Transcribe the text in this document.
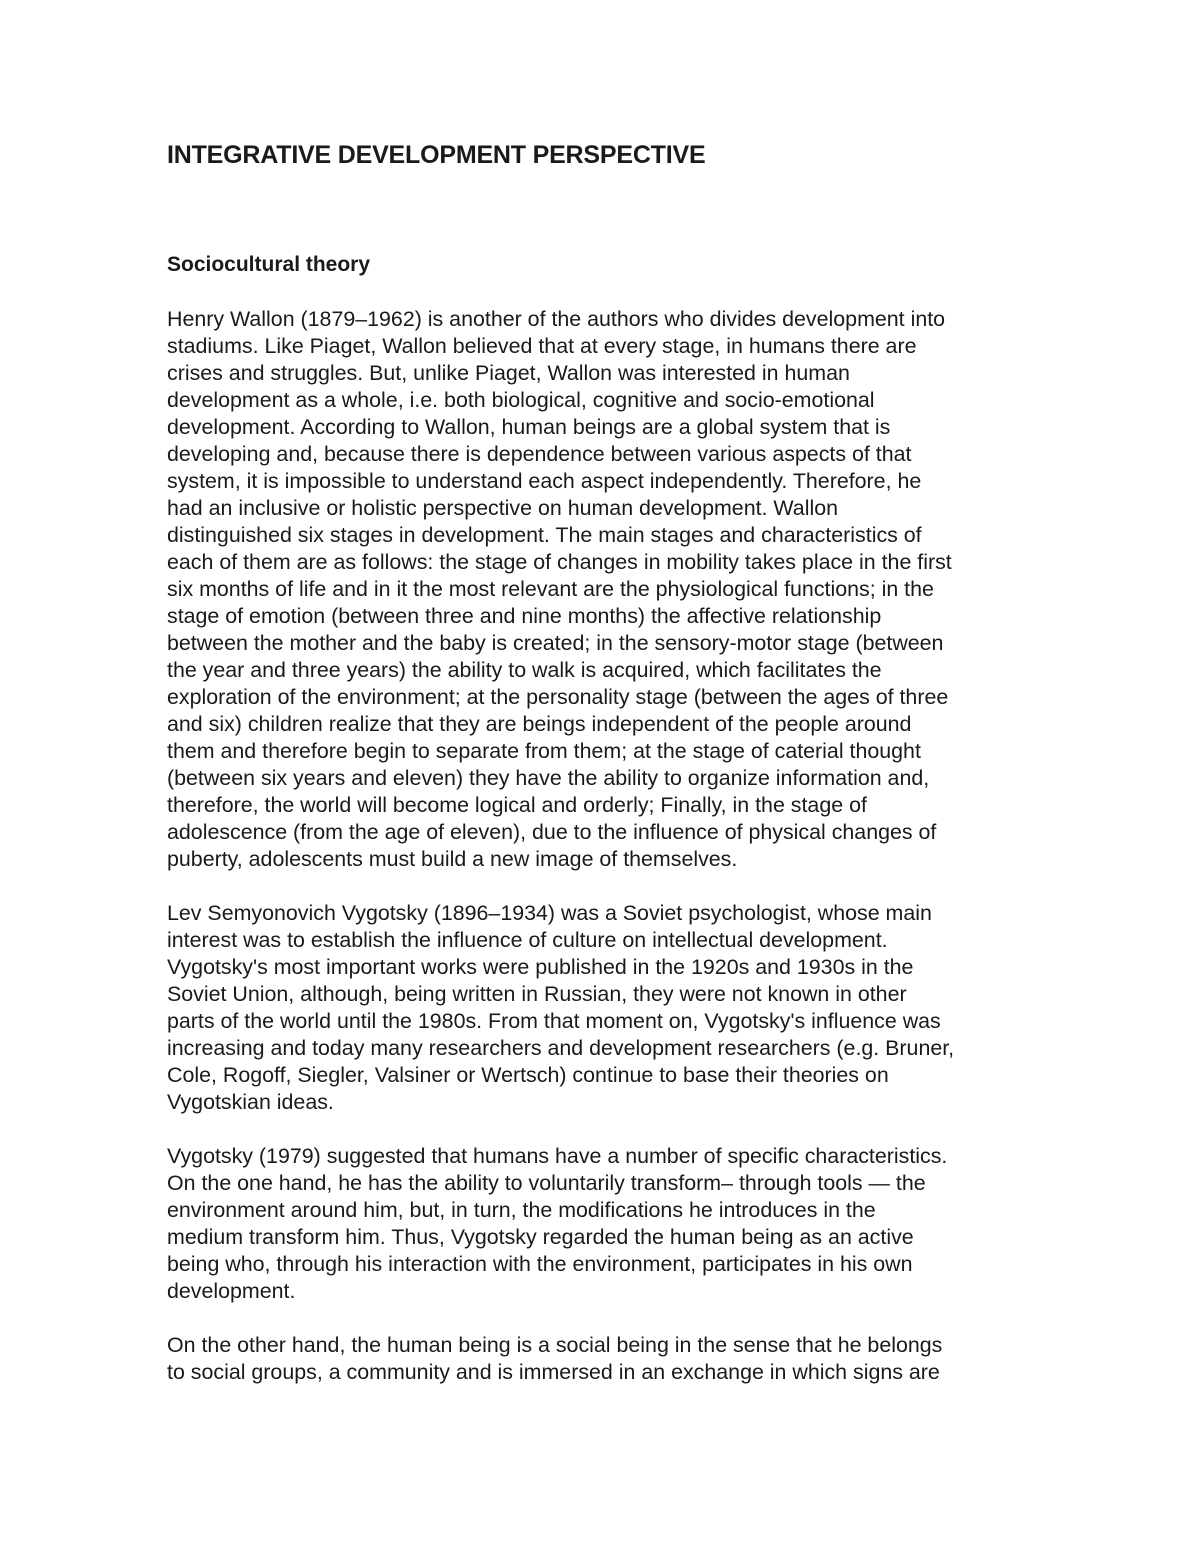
INTEGRATIVE DEVELOPMENT PERSPECTIVE
Sociocultural theory

Henry Wallon (1879–1962) is another of the authors who divides development into
stadiums. Like Piaget, Wallon believed that at every stage, in humans there are
crises and struggles. But, unlike Piaget, Wallon was interested in human
development as a whole, i.e. both biological, cognitive and socio-emotional
development. According to Wallon, human beings are a global system that is
developing and, because there is dependence between various aspects of that
system, it is impossible to understand each aspect independently. Therefore, he
had an inclusive or holistic perspective on human development. Wallon
distinguished six stages in development. The main stages and characteristics of
each of them are as follows: the stage of changes in mobility takes place in the first
six months of life and in it the most relevant are the physiological functions; in the
stage of emotion (between three and nine months) the affective relationship
between the mother and the baby is created; in the sensory-motor stage (between
the year and three years) the ability to walk is acquired, which facilitates the
exploration of the environment; at the personality stage (between the ages of three
and six) children realize that they are beings independent of the people around
them and therefore begin to separate from them; at the stage of caterial thought
(between six years and eleven) they have the ability to organize information and,
therefore, the world will become logical and orderly; Finally, in the stage of
adolescence (from the age of eleven), due to the influence of physical changes of
puberty, adolescents must build a new image of themselves.

Lev Semyonovich Vygotsky (1896–1934) was a Soviet psychologist, whose main
interest was to establish the influence of culture on intellectual development.
Vygotsky's most important works were published in the 1920s and 1930s in the
Soviet Union, although, being written in Russian, they were not known in other
parts of the world until the 1980s. From that moment on, Vygotsky's influence was
increasing and today many researchers and development researchers (e.g. Bruner,
Cole, Rogoff, Siegler, Valsiner or Wertsch) continue to base their theories on
Vygotskian ideas.

Vygotsky (1979) suggested that humans have a number of specific characteristics.
On the one hand, he has the ability to voluntarily transform– through tools — the
environment around him, but, in turn, the modifications he introduces in the
medium transform him. Thus, Vygotsky regarded the human being as an active
being who, through his interaction with the environment, participates in his own
development.

On the other hand, the human being is a social being in the sense that he belongs
to social groups, a community and is immersed in an exchange in which signs are
